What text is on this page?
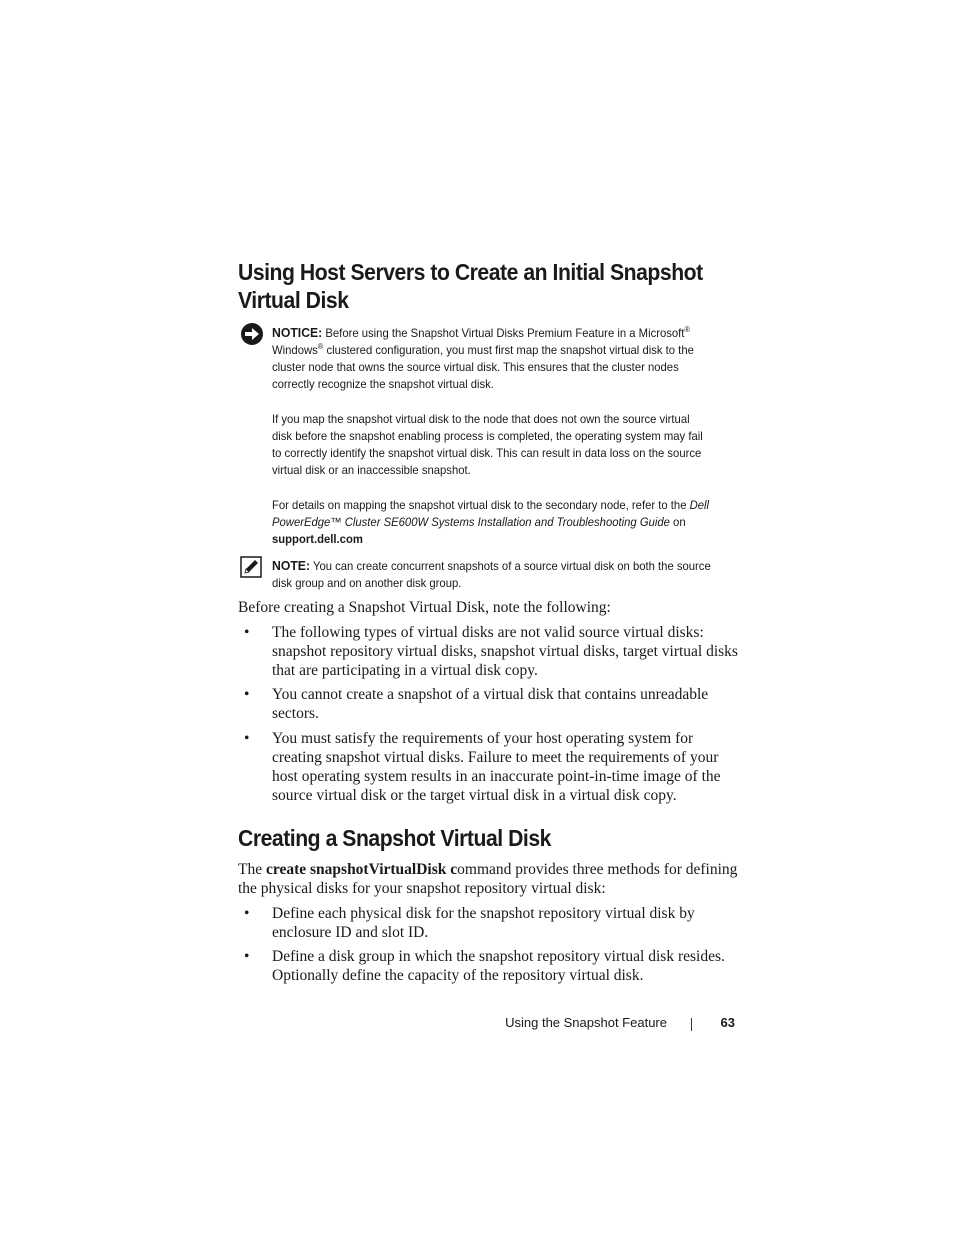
Using Host Servers to Create an Initial Snapshot Virtual Disk

NOTICE: Before using the Snapshot Virtual Disks Premium Feature in a Microsoft® Windows® clustered configuration, you must first map the snapshot virtual disk to the cluster node that owns the source virtual disk. This ensures that the cluster nodes correctly recognize the snapshot virtual disk.

If you map the snapshot virtual disk to the node that does not own the source virtual disk before the snapshot enabling process is completed, the operating system may fail to correctly identify the snapshot virtual disk. This can result in data loss on the source virtual disk or an inaccessible snapshot.

For details on mapping the snapshot virtual disk to the secondary node, refer to the Dell PowerEdge™ Cluster SE600W Systems Installation and Troubleshooting Guide on support.dell.com

NOTE: You can create concurrent snapshots of a source virtual disk on both the source disk group and on another disk group.

Before creating a Snapshot Virtual Disk, note the following:

• The following types of virtual disks are not valid source virtual disks: snapshot repository virtual disks, snapshot virtual disks, target virtual disks that are participating in a virtual disk copy.
• You cannot create a snapshot of a virtual disk that contains unreadable sectors.
• You must satisfy the requirements of your host operating system for creating snapshot virtual disks. Failure to meet the requirements of your host operating system results in an inaccurate point-in-time image of the source virtual disk or the target virtual disk in a virtual disk copy.
Creating a Snapshot Virtual Disk

The create snapshotVirtualDisk command provides three methods for defining the physical disks for your snapshot repository virtual disk:

• Define each physical disk for the snapshot repository virtual disk by enclosure ID and slot ID.
• Define a disk group in which the snapshot repository virtual disk resides. Optionally define the capacity of the repository virtual disk.
Using the Snapshot Feature	63
